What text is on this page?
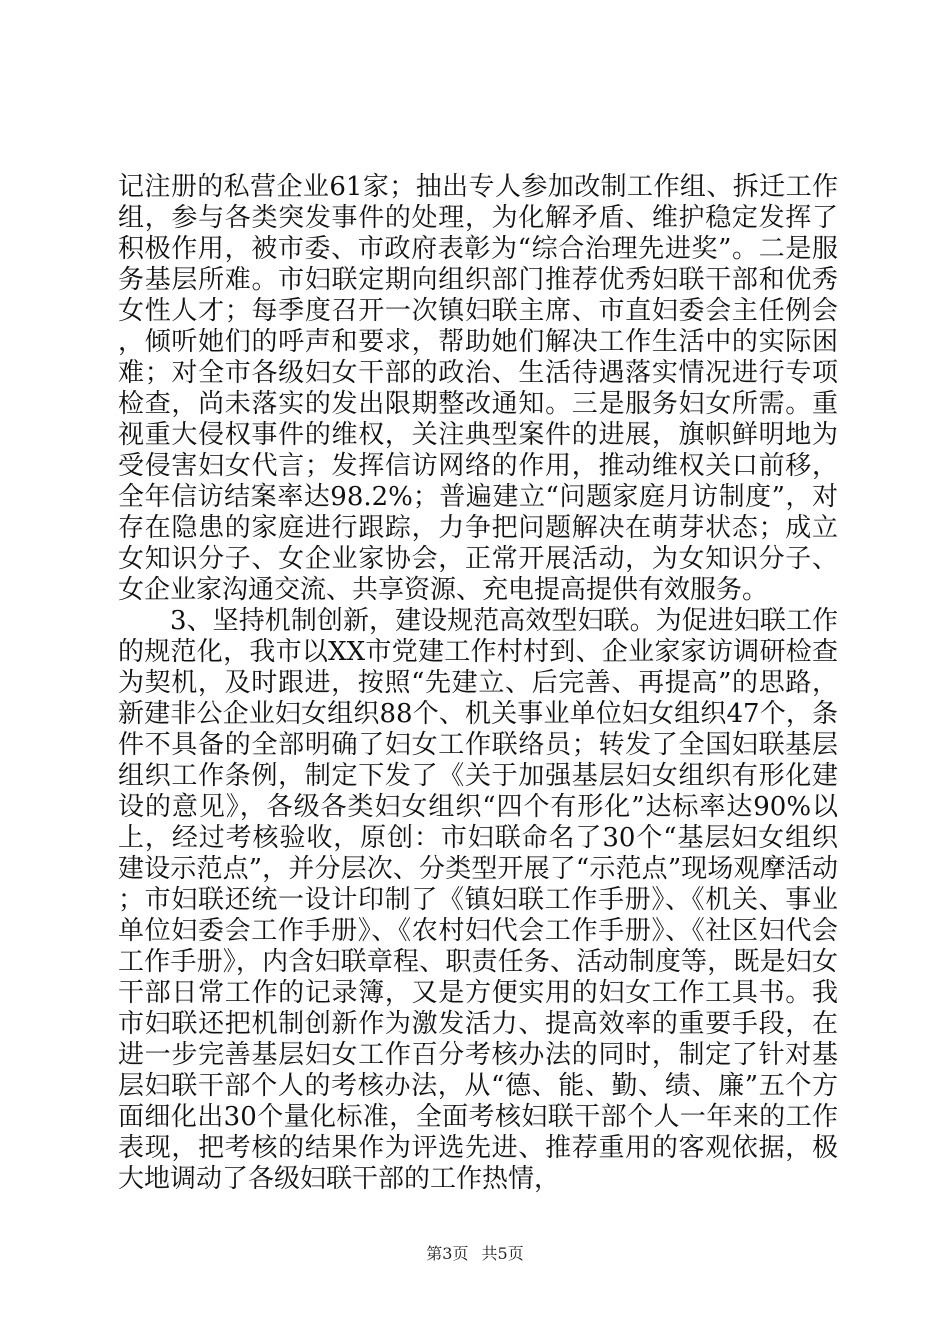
记注册的私营企业61家；抽出专人参加改制工作组、拆迁工作组，参与各类突发事件的处理，为化解矛盾、维护稳定发挥了积极作用，被市委、市政府表彰为“综合治理先进奖”。二是服务基层所难。市妇联定期向组织部门推荐优秀妇联干部和优秀女性人才；每季度召开一次镇妇联主席、市直妇委会主任例会，倾听她们的呼声和要求，帮助她们解决工作生活中的实际困难；对全市各级妇女干部的政治、生活待遇落实情况进行专项检查，尚未落实的发出限期整改通知。三是服务妇女所需。重视重大侵权事件的维权，关注典型案件的进展，旗帜鲜明地为受侵害妇女代言；发挥信访网络的作用，推动维权关口前移，全年信访结案率达98.2%；普遍建立“问题家庭月访制度”，对存在隐患的家庭进行跟踪，力争把问题解决在萌芽状态；成立女知识分子、女企业家协会，正常开展活动，为女知识分子、女企业家沟通交流、共享资源、充电提高提供有效服务。

3、坚持机制创新，建设规范高效型妇联。为促进妇联工作的规范化，我市以XX市党建工作村村到、企业家家访调研检查为契机，及时跟进，按照“先建立、后完善、再提高”的思路，新建非公企业妇女组织88个、机关事业单位妇女组织47个，条件不具备的全部明确了妇女工作联络员；转发了全国妇联基层组织工作条例，制定下发了《关于加强基层妇女组织有形化建设的意见》，各级各类妇女组织“四个有形化”达标率达90%以上，经过考核验收，原创：市妇联命名了30个“基层妇女组织建设示范点”，并分层次、分类型开展了“示范点”现场观摩活动；市妇联还统一设计印制了《镇妇联工作手册》、《机关、事业单位妇委会工作手册》、《农村妇代会工作手册》、《社区妇代会工作手册》，内含妇联章程、职责任务、活动制度等，既是妇女干部日常工作的记录簿，又是方便实用的妇女工作工具书。我市妇联还把机制创新作为激发活力、提高效率的重要手段，在进一步完善基层妇女工作百分考核办法的同时，制定了针对基层妇联干部个人的考核办法，从“德、能、勤、绩、廉”五个方面细化出30个量化标准，全面考核妇联干部个人一年来的工作表现，把考核的结果作为评选先进、推荐重用的客观依据，极大地调动了各级妇联干部的工作热情，

第3页 共5页
